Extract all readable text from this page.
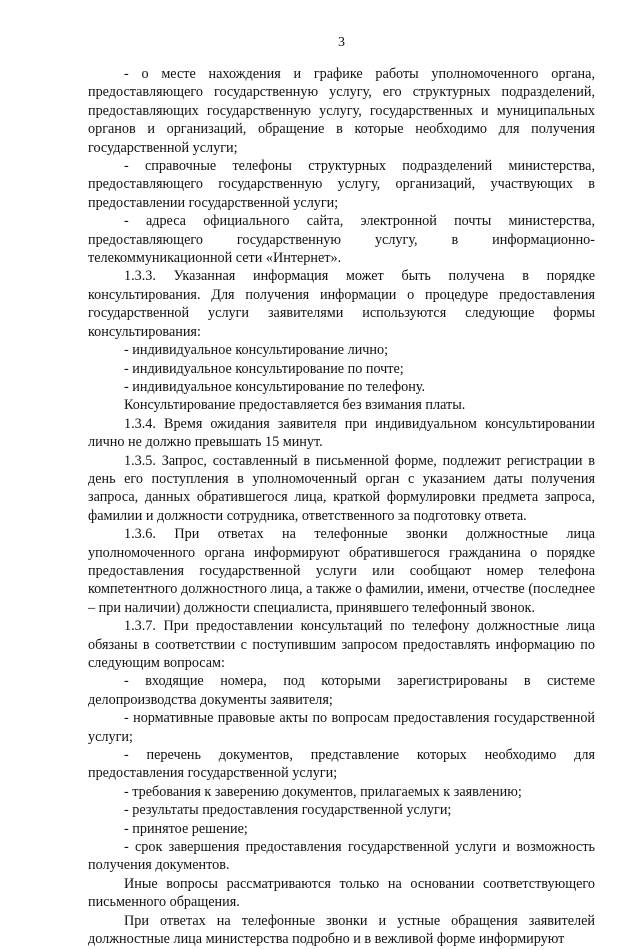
3

- о месте нахождения и графике работы уполномоченного органа, предоставляющего государственную услугу, его структурных подразделений, предоставляющих государственную услугу, государственных и муниципальных органов и организаций, обращение в которые необходимо для получения государственной услуги;

- справочные телефоны структурных подразделений министерства, предоставляющего государственную услугу, организаций, участвующих в предоставлении государственной услуги;

- адреса официального сайта, электронной почты министерства, предоставляющего государственную услугу, в информационно-телекоммуникационной сети «Интернет».

1.3.3. Указанная информация может быть получена в порядке консультирования. Для получения информации о процедуре предоставления государственной услуги заявителями используются следующие формы консультирования:

- индивидуальное консультирование лично;

- индивидуальное консультирование по почте;

- индивидуальное консультирование по телефону.

Консультирование предоставляется без взимания платы.

1.3.4. Время ожидания заявителя при индивидуальном консультировании лично не должно превышать 15 минут.

1.3.5. Запрос, составленный в письменной форме, подлежит регистрации в день его поступления в уполномоченный орган с указанием даты получения запроса, данных обратившегося лица, краткой формулировки предмета запроса, фамилии и должности сотрудника, ответственного за подготовку ответа.

1.3.6. При ответах на телефонные звонки должностные лица уполномоченного органа информируют обратившегося гражданина о порядке предоставления государственной услуги или сообщают номер телефона компетентного должностного лица, а также о фамилии, имени, отчестве (последнее – при наличии) должности специалиста, принявшего телефонный звонок.

1.3.7. При предоставлении консультаций по телефону должностные лица обязаны в соответствии с поступившим запросом предоставлять информацию по следующим вопросам:

- входящие номера, под которыми зарегистрированы в системе делопроизводства документы заявителя;

- нормативные правовые акты по вопросам предоставления государственной услуги;

- перечень документов, представление которых необходимо для предоставления государственной услуги;

- требования к заверению документов, прилагаемых к заявлению;

- результаты предоставления государственной услуги;

- принятое решение;

- срок завершения предоставления государственной услуги и возможность получения документов.

Иные вопросы рассматриваются только на основании соответствующего письменного обращения.

При ответах на телефонные звонки и устные обращения заявителей должностные лица министерства подробно и в вежливой форме информируют
